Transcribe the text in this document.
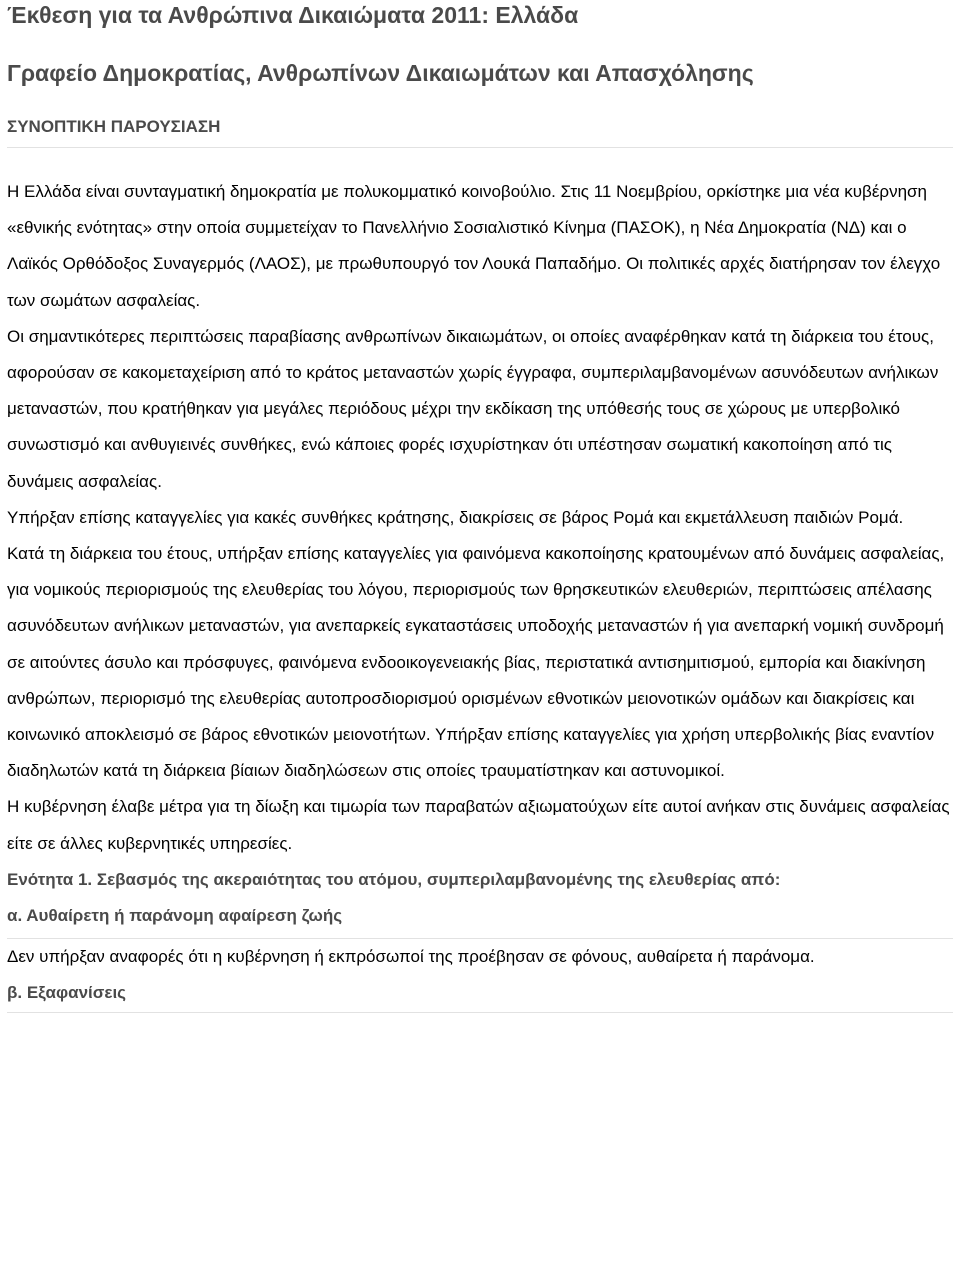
Έκθεση για τα Ανθρώπινα Δικαιώματα 2011: Ελλάδα
Γραφείο Δημοκρατίας, Ανθρωπίνων Δικαιωμάτων και Απασχόλησης
ΣΥΝΟΠΤΙΚΗ ΠΑΡΟΥΣΙΑΣΗ

Η Ελλάδα είναι συνταγματική δημοκρατία με πολυκομματικό κοινοβούλιο. Στις 11 Νοεμβρίου, ορκίστηκε μια νέα κυβέρνηση «εθνικής ενότητας» στην οποία συμμετείχαν το Πανελλήνιο Σοσιαλιστικό Κίνημα (ΠΑΣΟΚ), η Νέα Δημοκρατία (ΝΔ) και ο Λαϊκός Ορθόδοξος Συναγερμός (ΛΑΟΣ), με πρωθυπουργό τον Λουκά Παπαδήμο. Οι πολιτικές αρχές διατήρησαν τον έλεγχο των σωμάτων ασφαλείας.

Οι σημαντικότερες περιπτώσεις παραβίασης ανθρωπίνων δικαιωμάτων, οι οποίες αναφέρθηκαν κατά τη διάρκεια του έτους, αφορούσαν σε κακομεταχείριση από το κράτος μεταναστών χωρίς έγγραφα, συμπεριλαμβανομένων ασυνόδευτων ανήλικων μεταναστών, που κρατήθηκαν για μεγάλες περιόδους μέχρι την εκδίκαση της υπόθεσής τους σε χώρους με υπερβολικό συνωστισμό και ανθυγιεινές συνθήκες, ενώ κάποιες φορές ισχυρίστηκαν ότι υπέστησαν σωματική κακοποίηση από τις δυνάμεις ασφαλείας.

Υπήρξαν επίσης καταγγελίες για κακές συνθήκες κράτησης, διακρίσεις σε βάρος Ρομά και εκμετάλλευση παιδιών Ρομά.

Κατά τη διάρκεια του έτους, υπήρξαν επίσης καταγγελίες για φαινόμενα κακοποίησης κρατουμένων από δυνάμεις ασφαλείας, για νομικούς περιορισμούς της ελευθερίας του λόγου, περιορισμούς των θρησκευτικών ελευθεριών, περιπτώσεις απέλασης ασυνόδευτων ανήλικων μεταναστών, για ανεπαρκείς εγκαταστάσεις υποδοχής μεταναστών ή για ανεπαρκή νομική συνδρομή σε αιτούντες άσυλο και πρόσφυγες, φαινόμενα ενδοοικογενειακής βίας, περιστατικά αντισημιτισμού, εμπορία και διακίνηση ανθρώπων, περιορισμό της ελευθερίας αυτοπροσδιορισμού ορισμένων εθνοτικών μειονοτικών ομάδων και διακρίσεις και κοινωνικό αποκλεισμό σε βάρος εθνοτικών μειονοτήτων. Υπήρξαν επίσης καταγγελίες για χρήση υπερβολικής βίας εναντίον διαδηλωτών κατά τη διάρκεια βίαιων διαδηλώσεων στις οποίες τραυματίστηκαν και αστυνομικοί.

Η κυβέρνηση έλαβε μέτρα για τη δίωξη και τιμωρία των παραβατών αξιωματούχων είτε αυτοί ανήκαν στις δυνάμεις ασφαλείας είτε σε άλλες κυβερνητικές υπηρεσίες.

Ενότητα 1. Σεβασμός της ακεραιότητας του ατόμου, συμπεριλαμβανομένης της ελευθερίας από:

α. Αυθαίρετη ή παράνομη αφαίρεση ζωής

Δεν υπήρξαν αναφορές ότι η κυβέρνηση ή εκπρόσωποί της προέβησαν σε φόνους, αυθαίρετα ή παράνομα.

β. Εξαφανίσεις
